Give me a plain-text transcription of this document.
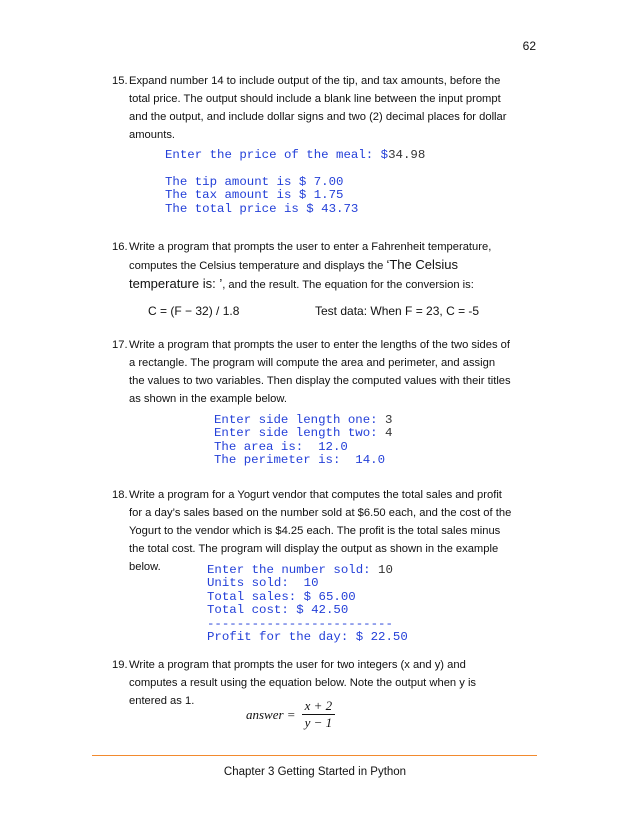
62
15. Expand number 14 to include output of the tip, and tax amounts, before the total price. The output should include a blank line between the input prompt and the output, and include dollar signs and two (2) decimal places for dollar amounts.
Enter the price of the meal: $34.98

The tip amount is $ 7.00
The tax amount is $ 1.75
The total price is $ 43.73
16. Write a program that prompts the user to enter a Fahrenheit temperature, computes the Celsius temperature and displays the ‘The Celsius temperature is: ’, and the result. The equation for the conversion is:
C = (F − 32) / 1.8	Test data: When F = 23, C = -5
17. Write a program that prompts the user to enter the lengths of the two sides of a rectangle. The program will compute the area and perimeter, and assign the values to two variables. Then display the computed values with their titles as shown in the example below.
Enter side length one: 3
Enter side length two: 4
The area is:  12.0
The perimeter is:  14.0
18. Write a program for a Yogurt vendor that computes the total sales and profit for a day’s sales based on the number sold at $6.50 each, and the cost of the Yogurt to the vendor which is $4.25 each. The profit is the total sales minus the total cost. The program will display the output as shown in the example below.	Enter the number sold: 10
Units sold:  10
Total sales: $ 65.00
Total cost: $ 42.50
-------------------------
Profit for the day: $ 22.50
19. Write a program that prompts the user for two integers (x and y) and computes a result using the equation below. Note the output when y is entered as 1.
answer = $\frac{x + 2}{y - 1}$
Chapter 3 Getting Started in Python
